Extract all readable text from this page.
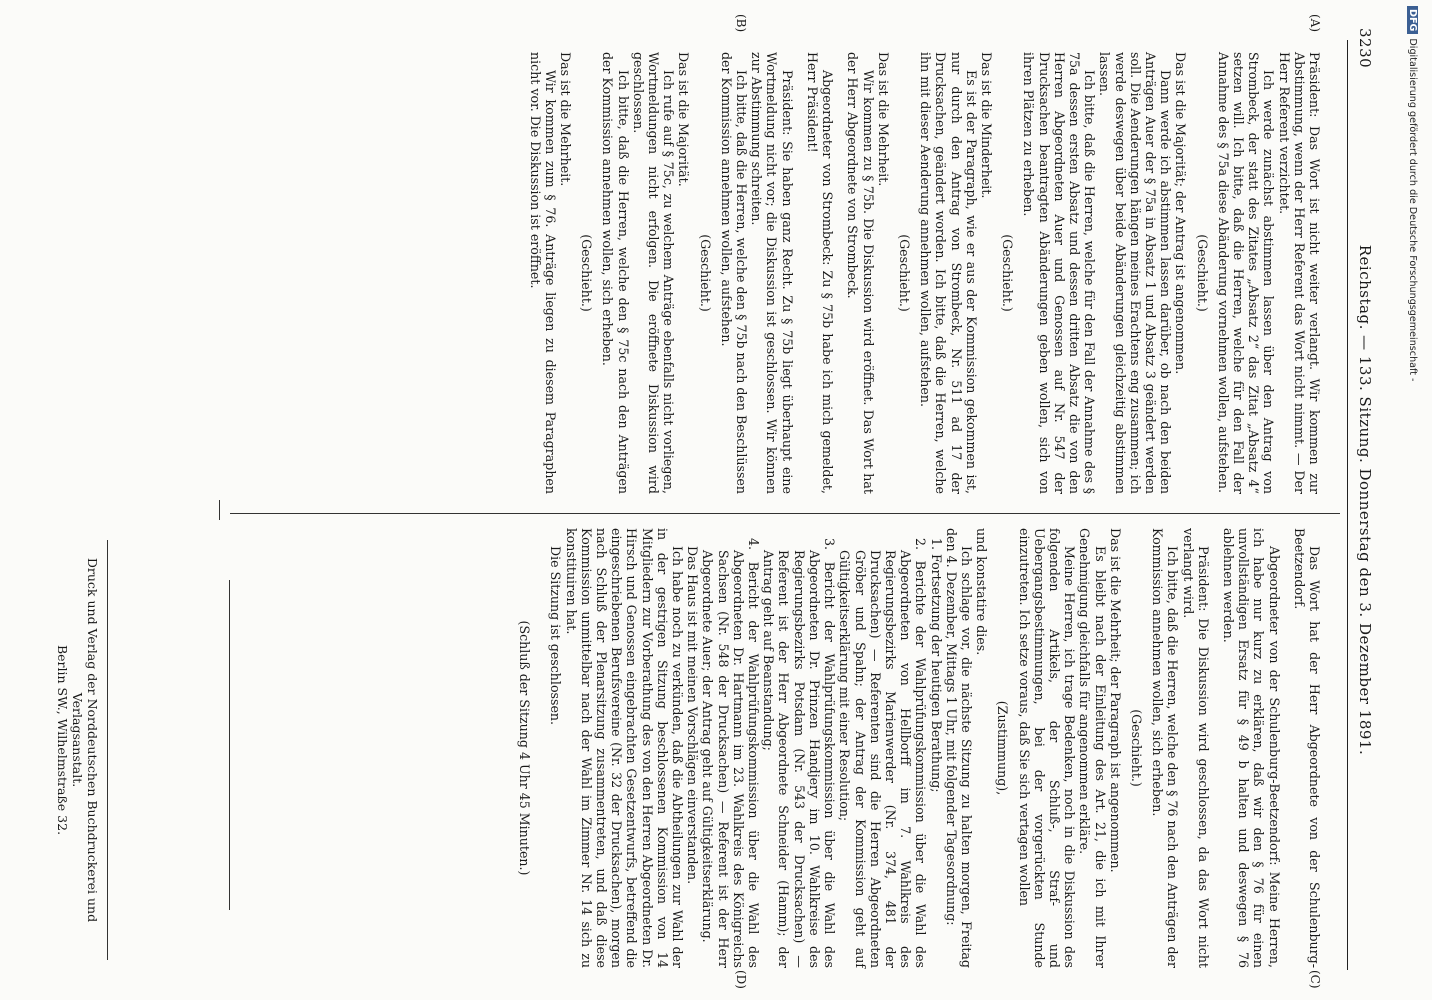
3230
Reichstag. — 133. Sitzung. Donnerstag den 3. Dezember 1891.
(A)
(B)
(C)
(D)

Präsident: Das Wort ist nicht weiter verlangt. Wir kommen zur Abstimmung, wenn der Herr Referent das Wort nicht nimmt. — Der Herr Referent verzichtet.

Ich werde zunächst abstimmen lassen über den Antrag von Strombeck, der statt des Zitates „Absatz 2“ das Zitat „Absatz 4“ setzen will. Ich bitte, daß die Herren, welche für den Fall der Annahme des § 75a diese Abänderung vornehmen wollen, aufstehen.

(Geschieht.)

Das ist die Majorität; der Antrag ist angenommen.

Dann werde ich abstimmen lassen darüber, ob nach den beiden Anträgen Auer der § 75a in Absatz 1 und Absatz 3 geändert werden soll. Die Aenderungen hängen meines Erachtens eng zusammen; ich werde deswegen über beide Abänderungen gleichzeitig abstimmen lassen.

Ich bitte, daß die Herren, welche für den Fall der Annahme des § 75a dessen ersten Absatz und dessen dritten Absatz die von den Herren Abgeordneten Auer und Genossen auf Nr. 547 der Drucksachen beantragten Abänderungen geben wollen, sich von ihren Plätzen zu erheben.

(Geschieht.)

Das ist die Minderheit.

Es ist der Paragraph, wie er aus der Kommission gekommen ist, nur durch den Antrag von Strombeck, Nr. 511 ad 17 der Drucksachen, geändert worden. Ich bitte, daß die Herren, welche ihn mit dieser Aenderung annehmen wollen, aufstehen.

(Geschieht.)

Das ist die Mehrheit.

Wir kommen zu § 75b. Die Diskussion wird eröffnet. Das Wort hat der Herr Abgeordnete von Strombeck.

Abgeordneter von Strombeck: Zu § 75b habe ich mich gemeldet, Herr Präsident!

Präsident: Sie haben ganz Recht. Zu § 75b liegt überhaupt eine Wortmeldung nicht vor; die Diskussion ist geschlossen. Wir können zur Abstimmung schreiten.

Ich bitte, daß die Herren, welche den § 75b nach den Beschlüssen der Kommission annehmen wollen, aufstehen.

(Geschieht.)

Das ist die Majorität.

Ich rufe auf § 75c, zu welchem Anträge ebenfalls nicht vorliegen, Wortmeldungen nicht erfolgen. Die eröffnete Diskussion wird geschlossen.

Ich bitte, daß die Herren, welche den § 75c nach den Anträgen der Kommission annehmen wollen, sich erheben.

(Geschieht.)

Das ist die Mehrheit.

Wir kommen zum § 76. Anträge liegen zu diesem Paragraphen nicht vor. Die Diskussion ist eröffnet.

Das Wort hat der Herr Abgeordnete von der Schulenburg-Beetzendorf.

Abgeordneter von der Schulenburg-Beetzendorf: Meine Herren, ich habe nur kurz zu erklären, daß wir den § 76 für einen unvollständigen Ersatz für § 49 b halten und deswegen § 76 ablehnen werden.

Präsident: Die Diskussion wird geschlossen, da das Wort nicht verlangt wird.

Ich bitte, daß die Herren, welche den § 76 nach den Anträgen der Kommission annehmen wollen, sich erheben.

(Geschieht.)

Das ist die Mehrheit; der Paragraph ist angenommen.

Es bleibt nach der Einleitung des Art. 21, die ich mit Ihrer Genehmigung gleichfalls für angenommen erkläre.

Meine Herren, ich trage Bedenken, noch in die Diskussion des folgenden Artikels, der Schluß-, Straf- und Uebergangsbestimmungen, bei der vorgerückten Stunde einzutreten. Ich setze voraus, daß Sie sich vertagen wollen

(Zustimmung),

und konstatire dies.

Ich schlage vor, die nächste Sitzung zu halten morgen, Freitag den 4. Dezember, Mittags 1 Uhr, mit folgender Tagesordnung:

1. Fortsetzung der heutigen Berathung;

2. Berichte der Wahlprüfungskommission über die Wahl des Abgeordneten von Hellborff im 7. Wahlkreis des Regierungsbezirks Marienwerder (Nr. 374, 481 der Drucksachen) — Referenten sind die Herren Abgeordneten Gröber und Spahn; der Antrag der Kommission geht auf Gültigkeitserklärung mit einer Resolution;

3. Bericht der Wahlprüfungskommission über die Wahl des Abgeordneten Dr. Prinzen Handjery im 10. Wahlkreise des Regierungsbezirks Potsdam (Nr. 543 der Drucksachen) — Referent ist der Herr Abgeordnete Schneider (Hamm); der Antrag geht auf Beanstandung;

4. Bericht der Wahlprüfungskommission über die Wahl des Abgeordneten Dr. Hartmann im 23. Wahlkreis des Königreichs Sachsen (Nr. 548 der Drucksachen) — Referent ist der Herr Abgeordnete Auer; der Antrag geht auf Gültigkeitserklärung.

Das Haus ist mit meinen Vorschlägen einverstanden.

Ich habe noch zu verkünden, daß die Abtheilungen zur Wahl der in der gestrigen Sitzung beschlossenen Kommission von 14 Mitgliedern zur Vorberathung des von den Herren Abgeordneten Dr. Hirsch und Genossen eingebrachten Gesetzentwurfs, betreffend die eingeschriebenen Berufsvereine (Nr. 32 der Drucksachen), morgen nach Schluß der Plenarsitzung zusammentreten, und daß diese Kommission unmittelbar nach der Wahl im Zimmer Nr. 14 sich zu konstituiren hat.

Die Sitzung ist geschlossen.

(Schluß der Sitzung 4 Uhr 45 Minuten.)

Druck und Verlag der Norddeutschen Buchdruckerei und Verlagsanstalt.
Berlin SW., Wilhelmstraße 32.
DFGDigitalisierung gefördert durch die Deutsche Forschungsgemeinschaft -
